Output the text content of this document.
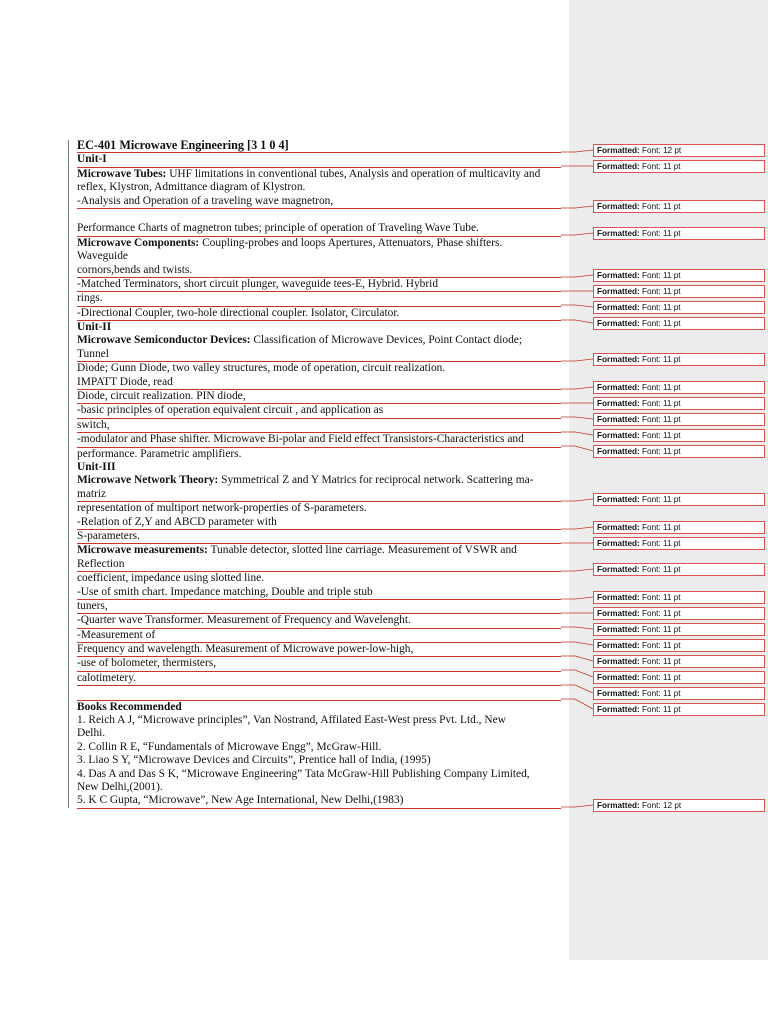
EC-401 Microwave Engineering [3 1 0 4]
Unit-I
Microwave Tubes: UHF limitations in conventional tubes, Analysis and operation of multicavity and
reflex, Klystron, Admittance diagram of Klystron.
-Analysis and Operation of a traveling wave magnetron,
Performance Charts of magnetron tubes; principle of operation of Traveling Wave Tube.
Microwave Components: Coupling-probes and loops Apertures, Attenuators, Phase shifters.
Waveguide
cornors,bends and twists.
-Matched Terminators, short circuit plunger, waveguide tees-E, Hybrid. Hybrid
rings.
-Directional Coupler, two-hole directional coupler. Isolator, Circulator.
Unit-II
Microwave Semiconductor Devices: Classification of Microwave Devices, Point Contact diode;
Tunnel
Diode; Gunn Diode, two valley structures, mode of operation, circuit realization.
IMPATT Diode, read
Diode, circuit realization. PIN diode,
-basic principles of operation equivalent circuit , and application as
switch,
-modulator and Phase shifter. Microwave Bi-polar and Field effect Transistors-Characteristics and
performance. Parametric amplifiers.
Unit-III
Microwave Network Theory: Symmetrical Z and Y Matrics for reciprocal network. Scattering ma-
matriz
representation of multiport network-properties of S-parameters.
-Relation of Z,Y and ABCD parameter with
S-parameters.
Microwave measurements: Tunable detector, slotted line carriage. Measurement of VSWR and
Reflection
coefficient, impedance using slotted line.
-Use of smith chart. Impedance matching, Double and triple stub
tuners,
-Quarter wave Transformer. Measurement of Frequency and Wavelenght.
-Measurement of
Frequency and wavelength. Measurement of Microwave power-low-high,
-use of bolometer, thermisters,
calotimetery.
Books Recommended
1. Reich A J, “Microwave principles”, Van Nostrand, Affilated East-West press Pvt. Ltd., New
Delhi.
2. Collin R E, “Fundamentals of Microwave Engg”, McGraw-Hill.
3. Liao S Y, “Microwave Devices and Circuits”, Prentice hall of India, (1995)
4. Das A and Das S K, “Microwave Engineering” Tata McGraw-Hill Publishing Company Limited,
New Delhi,(2001).
5. K C Gupta, “Microwave”, New Age International, New Delhi,(1983)
Formatted: Font: 12 pt
Formatted: Font: 11 pt
Formatted: Font: 11 pt
Formatted: Font: 11 pt
Formatted: Font: 11 pt
Formatted: Font: 11 pt
Formatted: Font: 11 pt
Formatted: Font: 11 pt
Formatted: Font: 11 pt
Formatted: Font: 11 pt
Formatted: Font: 11 pt
Formatted: Font: 11 pt
Formatted: Font: 11 pt
Formatted: Font: 11 pt
Formatted: Font: 11 pt
Formatted: Font: 11 pt
Formatted: Font: 11 pt
Formatted: Font: 11 pt
Formatted: Font: 11 pt
Formatted: Font: 11 pt
Formatted: Font: 11 pt
Formatted: Font: 11 pt
Formatted: Font: 11 pt
Formatted: Font: 11 pt
Formatted: Font: 11 pt
Formatted: Font: 11 pt
Formatted: Font: 12 pt
